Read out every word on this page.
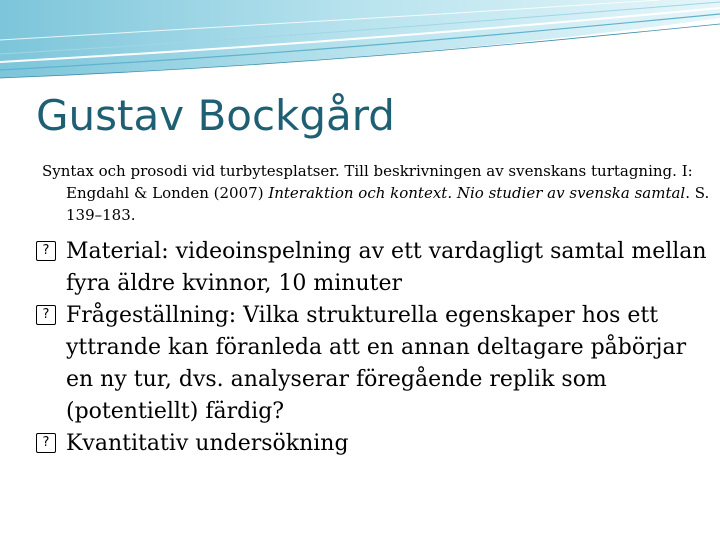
Gustav Bockgård

Syntax och prosodi vid turbytesplatser. Till beskrivningen av svenskans turtagning. I: Engdahl & Londen (2007) Interaktion och kontext. Nio studier av svenska samtal. S. 139–183.

? Material: videoinspelning av ett vardagligt samtal mellan fyra äldre kvinnor, 10 minuter
? Frågeställning: Vilka strukturella egenskaper hos ett yttrande kan föranleda att en annan deltagare påbörjar en ny tur, dvs. analyserar föregående replik som (potentiellt) färdig?
? Kvantitativ undersökning
